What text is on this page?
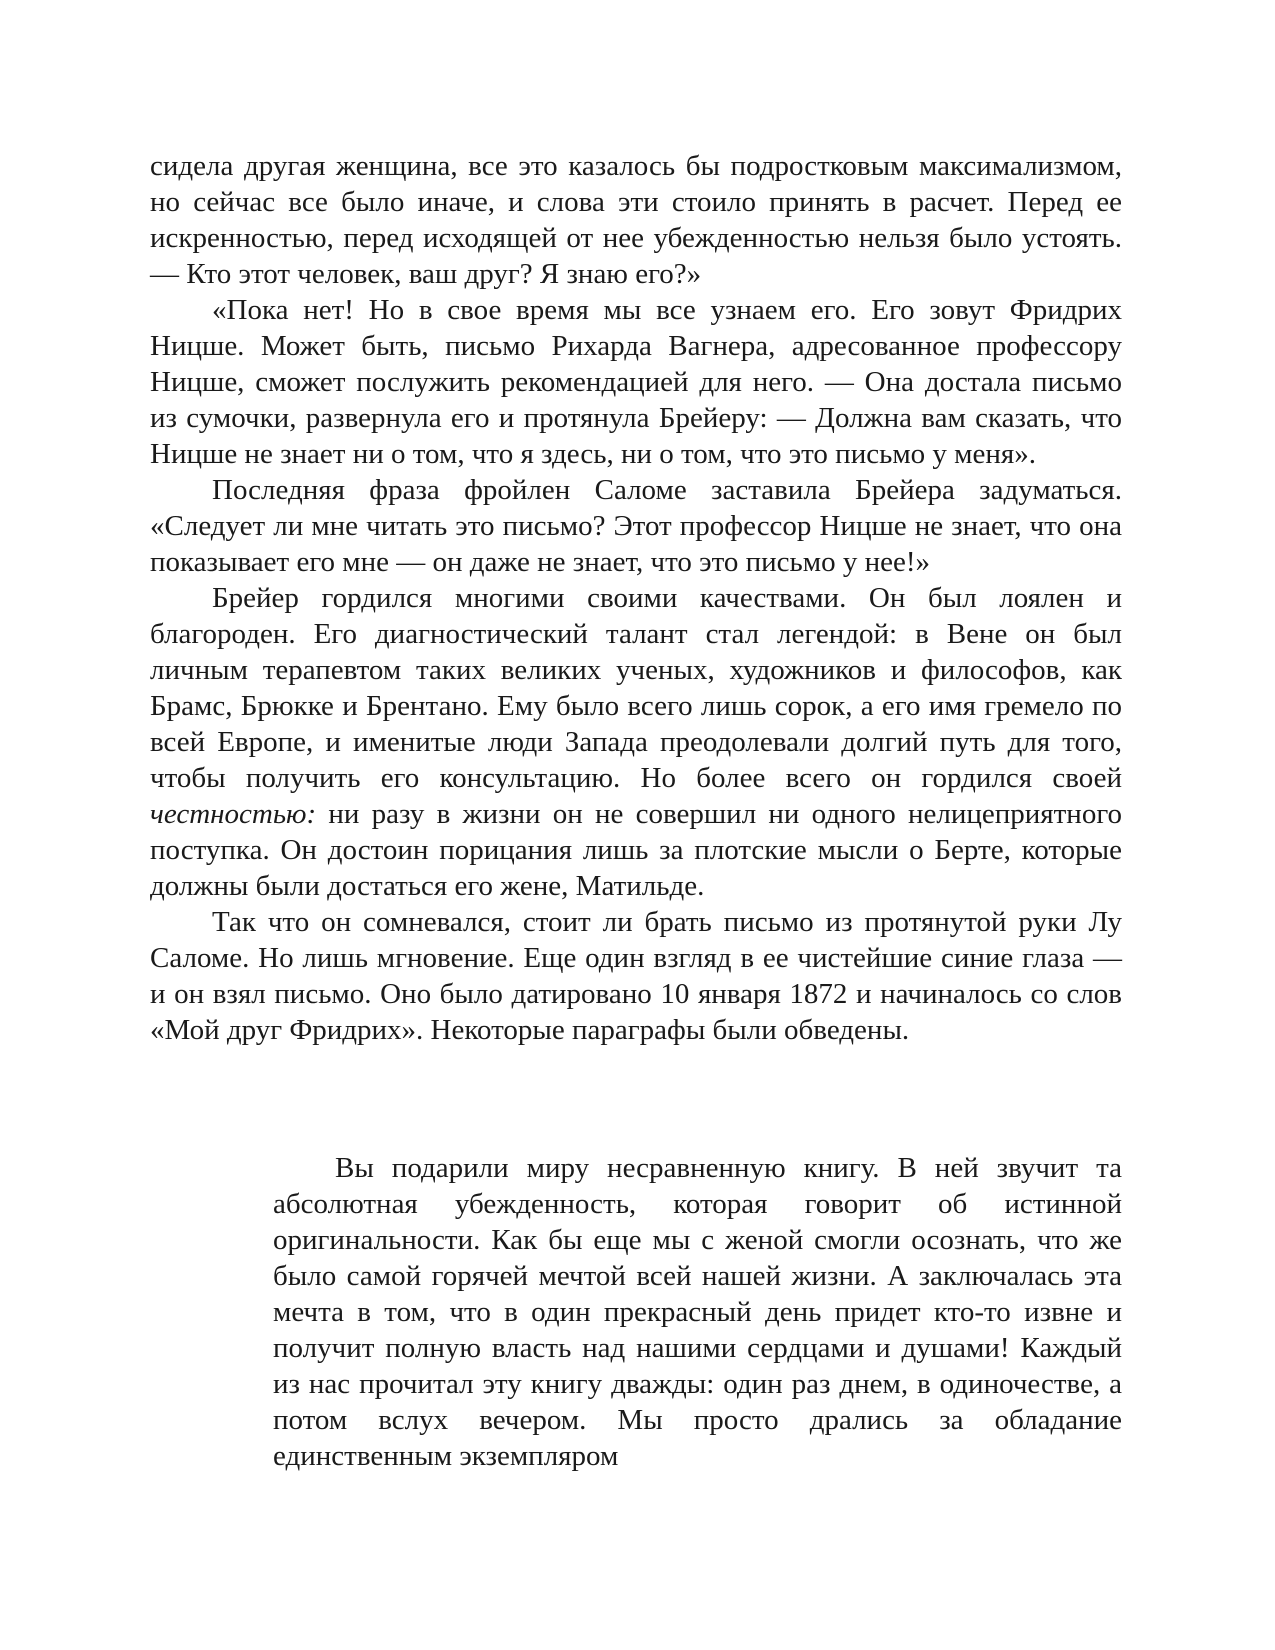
сидела другая женщина, все это казалось бы подростковым максимализмом, но сейчас все было иначе, и слова эти стоило принять в расчет. Перед ее искренностью, перед исходящей от нее убежденностью нельзя было устоять. — Кто этот человек, ваш друг? Я знаю его?»

«Пока нет! Но в свое время мы все узнаем его. Его зовут Фридрих Ницше. Может быть, письмо Рихарда Вагнера, адресованное профессору Ницше, сможет послужить рекомендацией для него. — Она достала письмо из сумочки, развернула его и протянула Брейеру: — Должна вам сказать, что Ницше не знает ни о том, что я здесь, ни о том, что это письмо у меня».

Последняя фраза фройлен Саломе заставила Брейера задуматься. «Следует ли мне читать это письмо? Этот профессор Ницше не знает, что она показывает его мне — он даже не знает, что это письмо у нее!»

Брейер гордился многими своими качествами. Он был лоялен и благороден. Его диагностический талант стал легендой: в Вене он был личным терапевтом таких великих ученых, художников и философов, как Брамс, Брюкке и Брентано. Ему было всего лишь сорок, а его имя гремело по всей Европе, и именитые люди Запада преодолевали долгий путь для того, чтобы получить его консультацию. Но более всего он гордился своей честностью: ни разу в жизни он не совершил ни одного нелицеприятного поступка. Он достоин порицания лишь за плотские мысли о Берте, которые должны были достаться его жене, Матильде.

Так что он сомневался, стоит ли брать письмо из протянутой руки Лу Саломе. Но лишь мгновение. Еще один взгляд в ее чистейшие синие глаза — и он взял письмо. Оно было датировано 10 января 1872 и начиналось со слов «Мой друг Фридрих». Некоторые параграфы были обведены.

Вы подарили миру несравненную книгу. В ней звучит та абсолютная убежденность, которая говорит об истинной оригинальности. Как бы еще мы с женой смогли осознать, что же было самой горячей мечтой всей нашей жизни. А заключалась эта мечта в том, что в один прекрасный день придет кто-то извне и получит полную власть над нашими сердцами и душами! Каждый из нас прочитал эту книгу дважды: один раз днем, в одиночестве, а потом вслух вечером. Мы просто дрались за обладание единственным экземпляром
